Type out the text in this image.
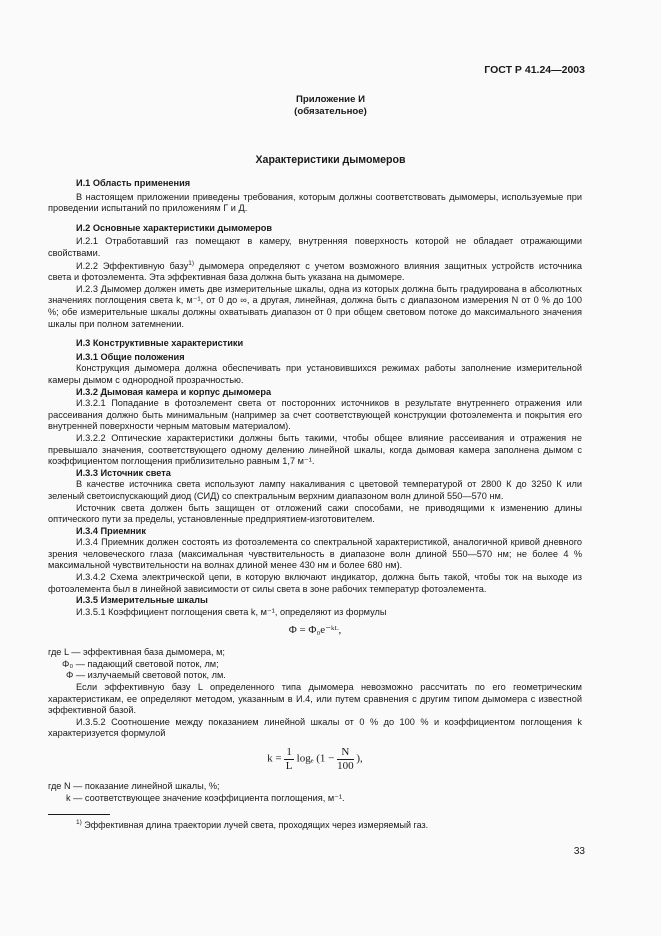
ГОСТ Р 41.24—2003
Приложение И
(обязательное)
Характеристики дымомеров

И.1 Область применения

В настоящем приложении приведены требования, которым должны соответствовать дымомеры, используемые при проведении испытаний по приложениям Г и Д.

И.2 Основные характеристики дымомеров

И.2.1 Отработавший газ помещают в камеру, внутренняя поверхность которой не обладает отражающими свойствами.

И.2.2 Эффективную базу$^{1)}$ дымомера определяют с учетом возможного влияния защитных устройств источника света и фотоэлемента. Эта эффективная база должна быть указана на дымомере.

И.2.3 Дымомер должен иметь две измерительные шкалы, одна из которых должна быть градуирована в абсолютных значениях поглощения света k, м⁻¹, от 0 до ∞, а другая, линейная, должна быть с диапазоном измерения N от 0 % до 100 %; обе измерительные шкалы должны охватывать диапазон от 0 при общем световом потоке до максимального значения шкалы при полном затемнении.

И.3 Конструктивные характеристики

И.3.1 Общие положения

Конструкция дымомера должна обеспечивать при установившихся режимах работы заполнение измерительной камеры дымом с однородной прозрачностью.

И.3.2 Дымовая камера и корпус дымомера

И.3.2.1 Попадание в фотоэлемент света от посторонних источников в результате внутреннего отражения или рассеивания должно быть минимальным (например за счет соответствующей конструкции фотоэлемента и покрытия его внутренней поверхности черным матовым материалом).

И.3.2.2 Оптические характеристики должны быть такими, чтобы общее влияние рассеивания и отражения не превышало значения, соответствующего одному делению линейной шкалы, когда дымовая камера заполнена дымом с коэффициентом поглощения приблизительно равным 1,7 м⁻¹.

И.3.3 Источник света

В качестве источника света используют лампу накаливания с цветовой температурой от 2800 К до 3250 К или зеленый светоиспускающий диод (СИД) со спектральным верхним диапазоном волн длиной 550—570 нм.

Источник света должен быть защищен от отложений сажи способами, не приводящими к изменению длины оптического пути за пределы, установленные предприятием-изготовителем.

И.3.4 Приемник

И.3.4 Приемник должен состоять из фотоэлемента со спектральной характеристикой, аналогичной кривой дневного зрения человеческого глаза (максимальная чувствительность в диапазоне волн длиной 550—570 нм; не более 4 % максимальной чувствительности на волнах длиной менее 430 нм и более 680 нм).

И.3.4.2 Схема электрической цепи, в которую включают индикатор, должна быть такой, чтобы ток на выходе из фотоэлемента был в линейной зависимости от силы света в зоне рабочих температур фотоэлемента.

И.3.5 Измерительные шкалы

И.3.5.1 Коэффициент поглощения света k, м⁻¹, определяют из формулы

Φ = Φ₀e⁻ᵏᴸ,

где L — эффективная база дымомера, м;

Φ₀ — падающий световой поток, лм;

Φ — излучаемый световой поток, лм.

Если эффективную базу L определенного типа дымомера невозможно рассчитать по его геометрическим характеристикам, ее определяют методом, указанным в И.4, или путем сравнения с другим типом дымомера с известной эффективной базой.

И.3.5.2 Соотношение между показанием линейной шкалы от 0 % до 100 % и коэффициентом поглощения k характеризуется формулой

$k = \frac{1}{L}$ logₑ ($1 - \frac{N}{100}$ ),

где N — показание линейной шкалы, %;

k — соответствующее значение коэффициента поглощения, м⁻¹.

$^{1)}$ Эффективная длина траектории лучей света, проходящих через измеряемый газ.

33
